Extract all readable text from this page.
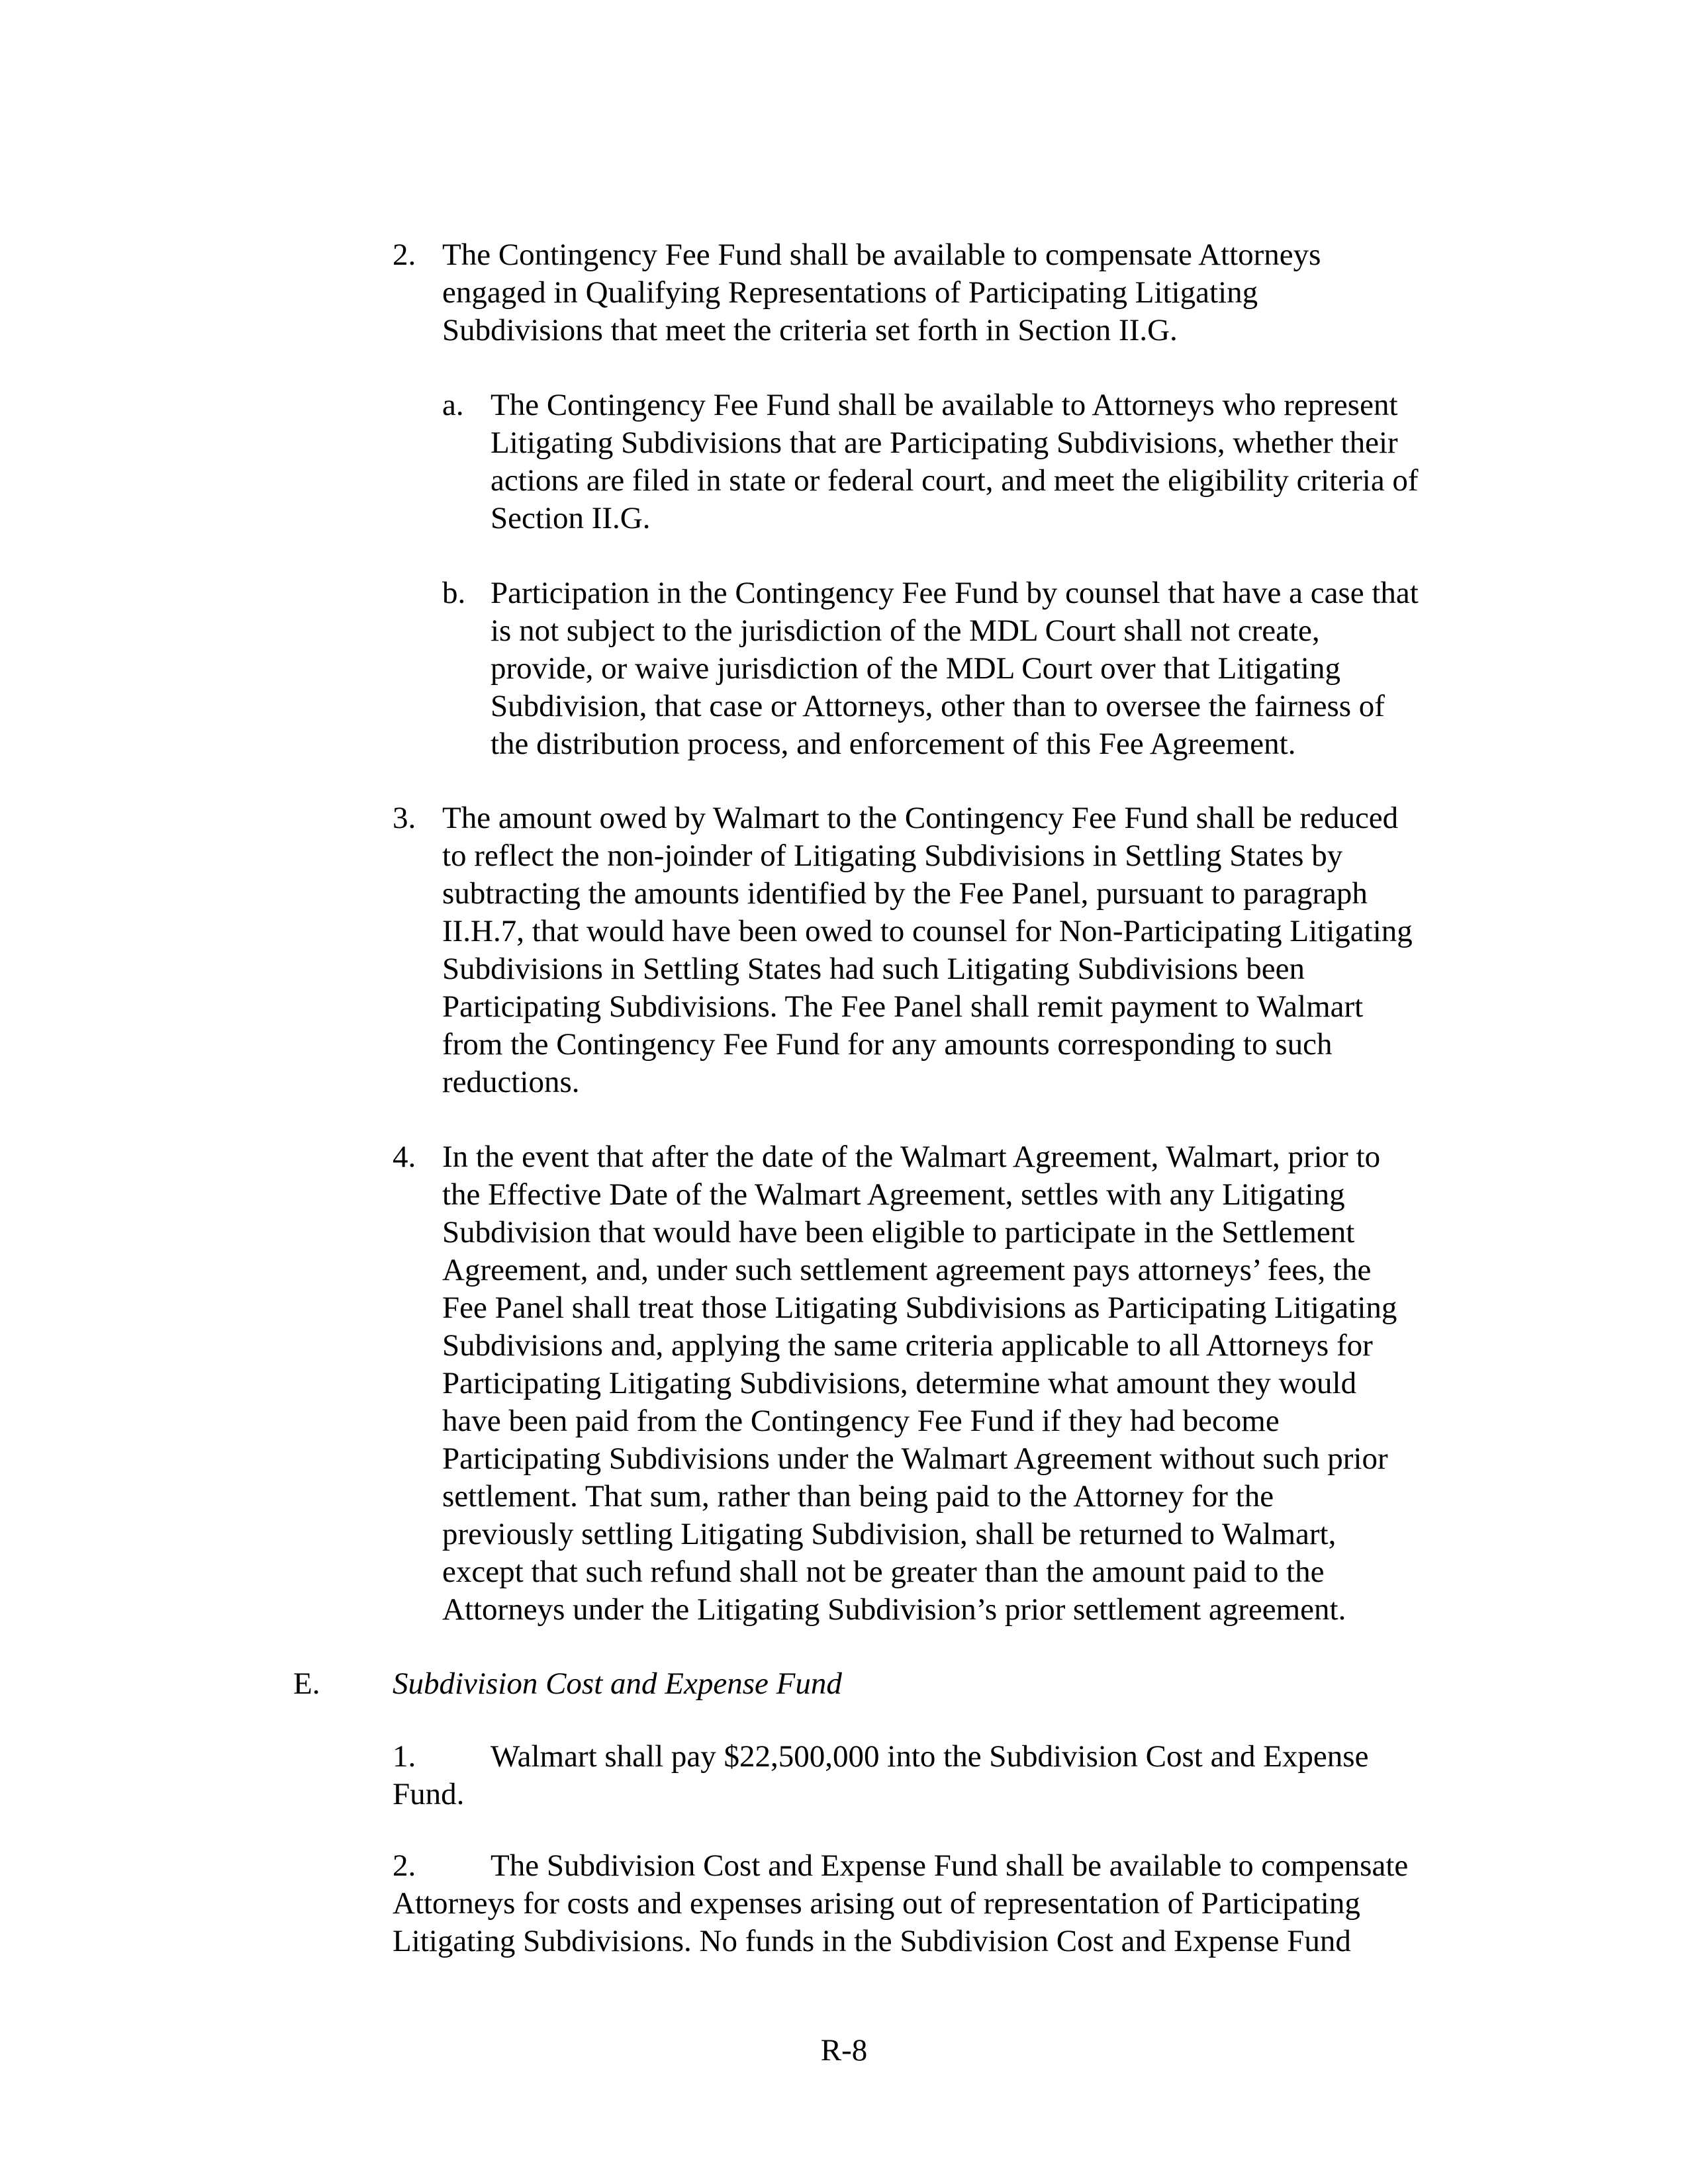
2. The Contingency Fee Fund shall be available to compensate Attorneys
engaged in Qualifying Representations of Participating Litigating
Subdivisions that meet the criteria set forth in Section II.G.
a. The Contingency Fee Fund shall be available to Attorneys who represent
Litigating Subdivisions that are Participating Subdivisions, whether their
actions are filed in state or federal court, and meet the eligibility criteria of
Section II.G.
b. Participation in the Contingency Fee Fund by counsel that have a case that
is not subject to the jurisdiction of the MDL Court shall not create,
provide, or waive jurisdiction of the MDL Court over that Litigating
Subdivision, that case or Attorneys, other than to oversee the fairness of
the distribution process, and enforcement of this Fee Agreement.
3. The amount owed by Walmart to the Contingency Fee Fund shall be reduced
to reflect the non-joinder of Litigating Subdivisions in Settling States by
subtracting the amounts identified by the Fee Panel, pursuant to paragraph
II.H.7, that would have been owed to counsel for Non-Participating Litigating
Subdivisions in Settling States had such Litigating Subdivisions been
Participating Subdivisions. The Fee Panel shall remit payment to Walmart
from the Contingency Fee Fund for any amounts corresponding to such
reductions.
4. In the event that after the date of the Walmart Agreement, Walmart, prior to
the Effective Date of the Walmart Agreement, settles with any Litigating
Subdivision that would have been eligible to participate in the Settlement
Agreement, and, under such settlement agreement pays attorneys’ fees, the
Fee Panel shall treat those Litigating Subdivisions as Participating Litigating
Subdivisions and, applying the same criteria applicable to all Attorneys for
Participating Litigating Subdivisions, determine what amount they would
have been paid from the Contingency Fee Fund if they had become
Participating Subdivisions under the Walmart Agreement without such prior
settlement. That sum, rather than being paid to the Attorney for the
previously settling Litigating Subdivision, shall be returned to Walmart,
except that such refund shall not be greater than the amount paid to the
Attorneys under the Litigating Subdivision’s prior settlement agreement.
E. Subdivision Cost and Expense Fund
1. Walmart shall pay $22,500,000 into the Subdivision Cost and Expense
Fund.
2. The Subdivision Cost and Expense Fund shall be available to compensate
Attorneys for costs and expenses arising out of representation of Participating
Litigating Subdivisions. No funds in the Subdivision Cost and Expense Fund
R-8
